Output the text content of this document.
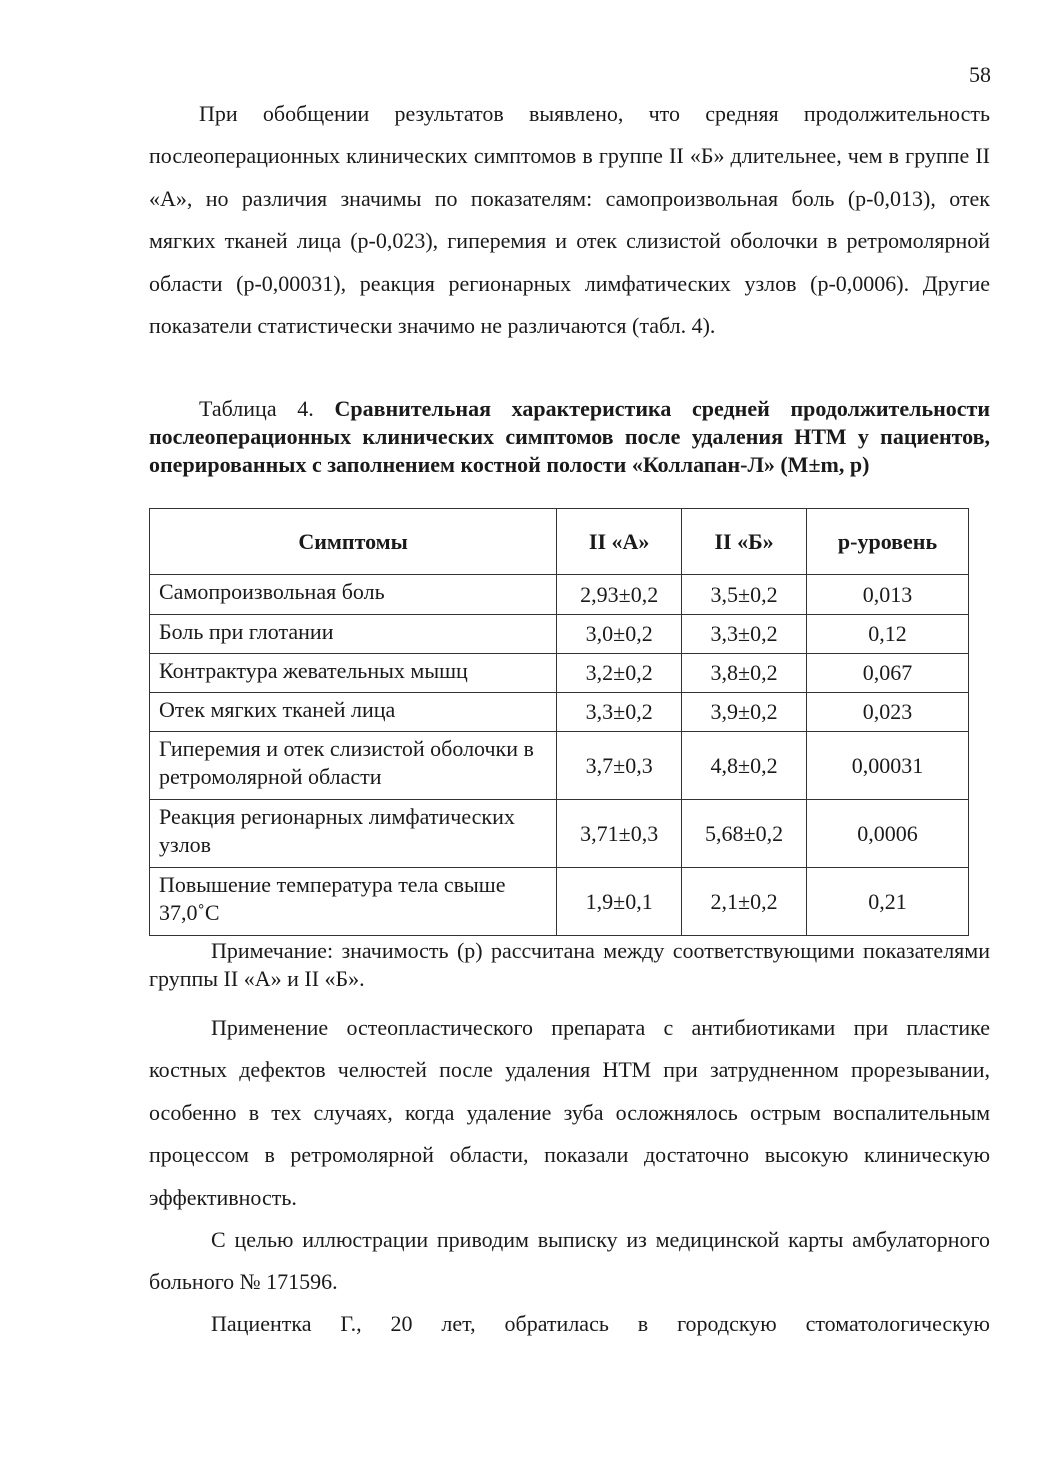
58

При обобщении результатов выявлено, что средняя продолжительность послеоперационных клинических симптомов в группе II «Б» длительнее, чем в группе II «А», но различия значимы по показателям: самопроизвольная боль (р-0,013), отек мягких тканей лица (р-0,023), гиперемия и отек слизистой оболочки в ретромолярной области (р-0,00031), реакция регионарных лимфатических узлов (р-0,0006). Другие показатели статистически значимо не различаются (табл. 4).

Таблица 4. Сравнительная характеристика средней продолжительности послеоперационных клинических симптомов после удаления НТМ у пациентов, оперированных с заполнением костной полости «Коллапан-Л» (M±m, p)

Симптомы	II «А»	II «Б»	р-уровень
Самопроизвольная боль	2,93±0,2	3,5±0,2	0,013
Боль при глотании	3,0±0,2	3,3±0,2	0,12
Контрактура жевательных мышц	3,2±0,2	3,8±0,2	0,067
Отек мягких тканей лица	3,3±0,2	3,9±0,2	0,023
Гиперемия и отек слизистой оболочки в ретромолярной области	3,7±0,3	4,8±0,2	0,00031
Реакция регионарных лимфатических узлов	3,71±0,3	5,68±0,2	0,0006
Повышение температура тела свыше 37,0˚С	1,9±0,1	2,1±0,2	0,21

Примечание: значимость (р) рассчитана между соответствующими показателями группы II «А» и II «Б».

Применение остеопластического препарата с антибиотиками при пластике костных дефектов челюстей после удаления НТМ при затрудненном прорезывании, особенно в тех случаях, когда удаление зуба осложнялось острым воспалительным процессом в ретромолярной области, показали достаточно высокую клиническую эффективность.

С целью иллюстрации приводим выписку из медицинской карты амбулаторного больного № 171596.

Пациентка Г., 20 лет, обратилась в городскую стоматологическую
